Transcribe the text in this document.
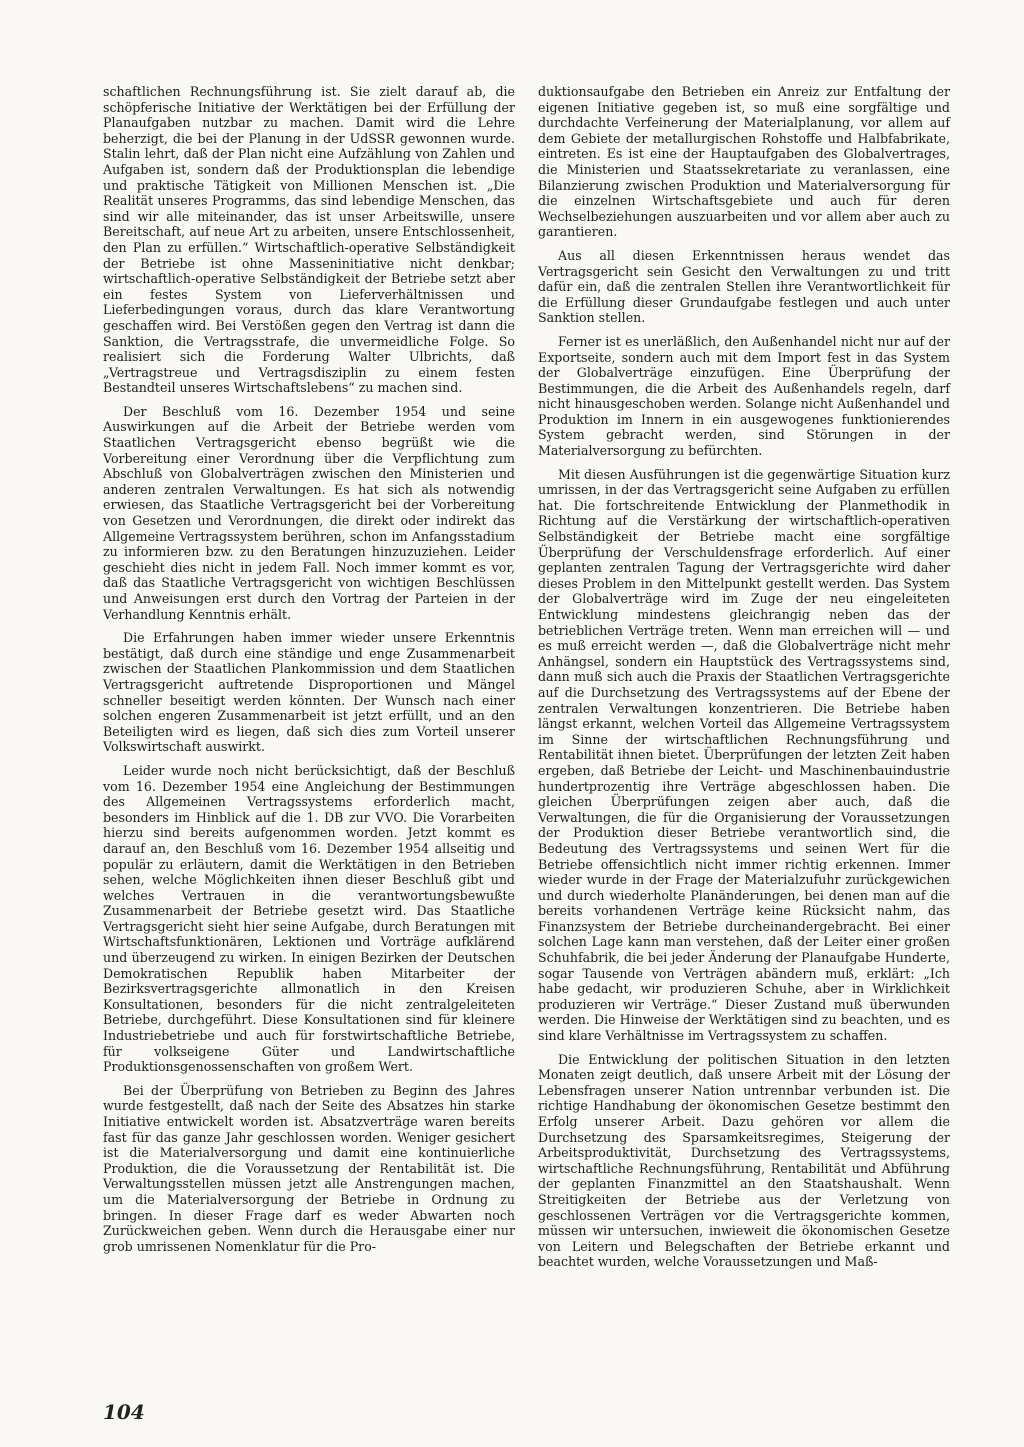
schaftlichen Rechnungsführung ist. Sie zielt darauf ab, die schöpferische Initiative der Werktätigen bei der Erfüllung der Planaufgaben nutzbar zu machen. Damit wird die Lehre beherzigt, die bei der Planung in der UdSSR gewonnen wurde. Stalin lehrt, daß der Plan nicht eine Aufzählung von Zahlen und Aufgaben ist, sondern daß der Produktionsplan die lebendige und praktische Tätigkeit von Millionen Menschen ist. „Die Realität unseres Programms, das sind lebendige Menschen, das sind wir alle miteinander, das ist unser Arbeitswille, unsere Bereitschaft, auf neue Art zu arbeiten, unsere Entschlossenheit, den Plan zu erfüllen.“ Wirtschaftlich-operative Selbständigkeit der Betriebe ist ohne Masseninitiative nicht denkbar; wirtschaftlich-operative Selbständigkeit der Betriebe setzt aber ein festes System von Lieferverhältnissen und Lieferbedingungen voraus, durch das klare Verantwortung geschaffen wird. Bei Verstößen gegen den Vertrag ist dann die Sanktion, die Vertragsstrafe, die unvermeidliche Folge. So realisiert sich die Forderung Walter Ulbrichts, daß „Vertragstreue und Vertragsdisziplin zu einem festen Bestandteil unseres Wirtschaftslebens“ zu machen sind.

Der Beschluß vom 16. Dezember 1954 und seine Auswirkungen auf die Arbeit der Betriebe werden vom Staatlichen Vertragsgericht ebenso begrüßt wie die Vorbereitung einer Verordnung über die Verpflichtung zum Abschluß von Globalverträgen zwischen den Ministerien und anderen zentralen Verwaltungen. Es hat sich als notwendig erwiesen, das Staatliche Vertragsgericht bei der Vorbereitung von Gesetzen und Verordnungen, die direkt oder indirekt das Allgemeine Vertragssystem berühren, schon im Anfangsstadium zu informieren bzw. zu den Beratungen hinzuzuziehen. Leider geschieht dies nicht in jedem Fall. Noch immer kommt es vor, daß das Staatliche Vertragsgericht von wichtigen Beschlüssen und Anweisungen erst durch den Vortrag der Parteien in der Verhandlung Kenntnis erhält.

Die Erfahrungen haben immer wieder unsere Erkenntnis bestätigt, daß durch eine ständige und enge Zusammenarbeit zwischen der Staatlichen Plankommission und dem Staatlichen Vertragsgericht auftretende Disproportionen und Mängel schneller beseitigt werden könnten. Der Wunsch nach einer solchen engeren Zusammenarbeit ist jetzt erfüllt, und an den Beteiligten wird es liegen, daß sich dies zum Vorteil unserer Volkswirtschaft auswirkt.

Leider wurde noch nicht berücksichtigt, daß der Beschluß vom 16. Dezember 1954 eine Angleichung der Bestimmungen des Allgemeinen Vertragssystems erforderlich macht, besonders im Hinblick auf die 1. DB zur VVO. Die Vorarbeiten hierzu sind bereits aufgenommen worden. Jetzt kommt es darauf an, den Beschluß vom 16. Dezember 1954 allseitig und populär zu erläutern, damit die Werktätigen in den Betrieben sehen, welche Möglichkeiten ihnen dieser Beschluß gibt und welches Vertrauen in die verantwortungsbewußte Zusammenarbeit der Betriebe gesetzt wird. Das Staatliche Vertragsgericht sieht hier seine Aufgabe, durch Beratungen mit Wirtschaftsfunktionären, Lektionen und Vorträge aufklärend und überzeugend zu wirken. In einigen Bezirken der Deutschen Demokratischen Republik haben Mitarbeiter der Bezirksvertragsgerichte allmonatlich in den Kreisen Konsultationen, besonders für die nicht zentralgeleiteten Betriebe, durchgeführt. Diese Konsultationen sind für kleinere Industriebetriebe und auch für forstwirtschaftliche Betriebe, für volkseigene Güter und Landwirtschaftliche Produktionsgenossenschaften von großem Wert.

Bei der Überprüfung von Betrieben zu Beginn des Jahres wurde festgestellt, daß nach der Seite des Absatzes hin starke Initiative entwickelt worden ist. Absatzverträge waren bereits fast für das ganze Jahr geschlossen worden. Weniger gesichert ist die Materialversorgung und damit eine kontinuierliche Produktion, die die Voraussetzung der Rentabilität ist. Die Verwaltungsstellen müssen jetzt alle Anstrengungen machen, um die Materialversorgung der Betriebe in Ordnung zu bringen. In dieser Frage darf es weder Abwarten noch Zurückweichen geben. Wenn durch die Herausgabe einer nur grob umrissenen Nomenklatur für die Pro-

duktionsaufgabe den Betrieben ein Anreiz zur Entfaltung der eigenen Initiative gegeben ist, so muß eine sorgfältige und durchdachte Verfeinerung der Materialplanung, vor allem auf dem Gebiete der metallurgischen Rohstoffe und Halbfabrikate, eintreten. Es ist eine der Hauptaufgaben des Globalvertrages, die Ministerien und Staatssekretariate zu veranlassen, eine Bilanzierung zwischen Produktion und Materialversorgung für die einzelnen Wirtschaftsgebiete und auch für deren Wechselbeziehungen auszuarbeiten und vor allem aber auch zu garantieren.

Aus all diesen Erkenntnissen heraus wendet das Vertragsgericht sein Gesicht den Verwaltungen zu und tritt dafür ein, daß die zentralen Stellen ihre Verantwortlichkeit für die Erfüllung dieser Grundaufgabe festlegen und auch unter Sanktion stellen.

Ferner ist es unerläßlich, den Außenhandel nicht nur auf der Exportseite, sondern auch mit dem Import fest in das System der Globalverträge einzufügen. Eine Überprüfung der Bestimmungen, die die Arbeit des Außenhandels regeln, darf nicht hinausgeschoben werden. Solange nicht Außenhandel und Produktion im Innern in ein ausgewogenes funktionierendes System gebracht werden, sind Störungen in der Materialversorgung zu befürchten.

Mit diesen Ausführungen ist die gegenwärtige Situation kurz umrissen, in der das Vertragsgericht seine Aufgaben zu erfüllen hat. Die fortschreitende Entwicklung der Planmethodik in Richtung auf die Verstärkung der wirtschaftlich-operativen Selbständigkeit der Betriebe macht eine sorgfältige Überprüfung der Verschuldensfrage erforderlich. Auf einer geplanten zentralen Tagung der Vertragsgerichte wird daher dieses Problem in den Mittelpunkt gestellt werden. Das System der Globalverträge wird im Zuge der neu eingeleiteten Entwicklung mindestens gleichrangig neben das der betrieblichen Verträge treten. Wenn man erreichen will — und es muß erreicht werden —, daß die Globalverträge nicht mehr Anhängsel, sondern ein Hauptstück des Vertragssystems sind, dann muß sich auch die Praxis der Staatlichen Vertragsgerichte auf die Durchsetzung des Vertragssystems auf der Ebene der zentralen Verwaltungen konzentrieren. Die Betriebe haben längst erkannt, welchen Vorteil das Allgemeine Vertragssystem im Sinne der wirtschaftlichen Rechnungsführung und Rentabilität ihnen bietet. Überprüfungen der letzten Zeit haben ergeben, daß Betriebe der Leicht- und Maschinenbauindustrie hundertprozentig ihre Verträge abgeschlossen haben. Die gleichen Überprüfungen zeigen aber auch, daß die Verwaltungen, die für die Organisierung der Voraussetzungen der Produktion dieser Betriebe verantwortlich sind, die Bedeutung des Vertragssystems und seinen Wert für die Betriebe offensichtlich nicht immer richtig erkennen. Immer wieder wurde in der Frage der Materialzufuhr zurückgewichen und durch wiederholte Planänderungen, bei denen man auf die bereits vorhandenen Verträge keine Rücksicht nahm, das Finanzsystem der Betriebe durcheinandergebracht. Bei einer solchen Lage kann man verstehen, daß der Leiter einer großen Schuhfabrik, die bei jeder Änderung der Planaufgabe Hunderte, sogar Tausende von Verträgen abändern muß, erklärt: „Ich habe gedacht, wir produzieren Schuhe, aber in Wirklichkeit produzieren wir Verträge.“ Dieser Zustand muß überwunden werden. Die Hinweise der Werktätigen sind zu beachten, und es sind klare Verhältnisse im Vertragssystem zu schaffen.

Die Entwicklung der politischen Situation in den letzten Monaten zeigt deutlich, daß unsere Arbeit mit der Lösung der Lebensfragen unserer Nation untrennbar verbunden ist. Die richtige Handhabung der ökonomischen Gesetze bestimmt den Erfolg unserer Arbeit. Dazu gehören vor allem die Durchsetzung des Sparsamkeitsregimes, Steigerung der Arbeitsproduktivität, Durchsetzung des Vertragssystems, wirtschaftliche Rechnungsführung, Rentabilität und Abführung der geplanten Finanzmittel an den Staatshaushalt. Wenn Streitigkeiten der Betriebe aus der Verletzung von geschlossenen Verträgen vor die Vertragsgerichte kommen, müssen wir untersuchen, inwieweit die ökonomischen Gesetze von Leitern und Belegschaften der Betriebe erkannt und beachtet wurden, welche Voraussetzungen und Maß-

104
